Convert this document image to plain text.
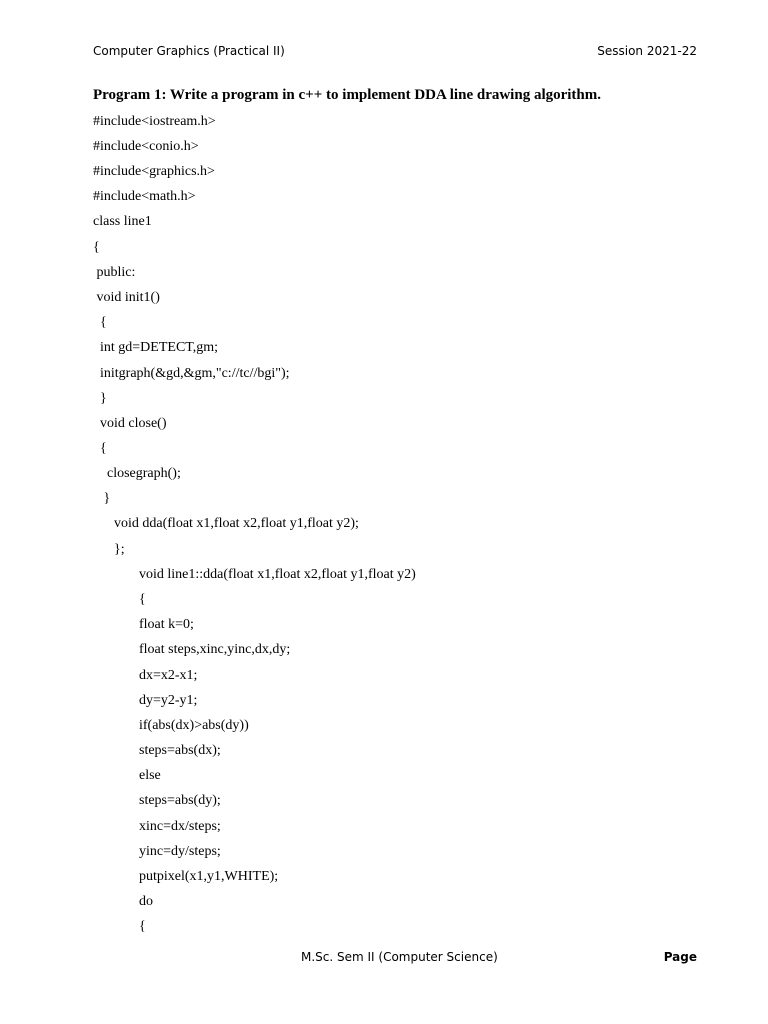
Computer Graphics (Practical II)	Session 2021-22
Program 1: Write a program in c++ to implement DDA line drawing algorithm.
#include<iostream.h>
#include<conio.h>
#include<graphics.h>
#include<math.h>
class line1
{
public:
void init1()
{
int gd=DETECT,gm;
initgraph(&gd,&gm,"c://tc//bgi");
}
void close()
{
closegraph();
}
void dda(float x1,float x2,float y1,float y2);
};
void line1::dda(float x1,float x2,float y1,float y2)
{
float k=0;
float steps,xinc,yinc,dx,dy;
dx=x2-x1;
dy=y2-y1;
if(abs(dx)>abs(dy))
steps=abs(dx);
else
steps=abs(dy);
xinc=dx/steps;
yinc=dy/steps;
putpixel(x1,y1,WHITE);
do
{
M.Sc. Sem II (Computer Science)	Page
